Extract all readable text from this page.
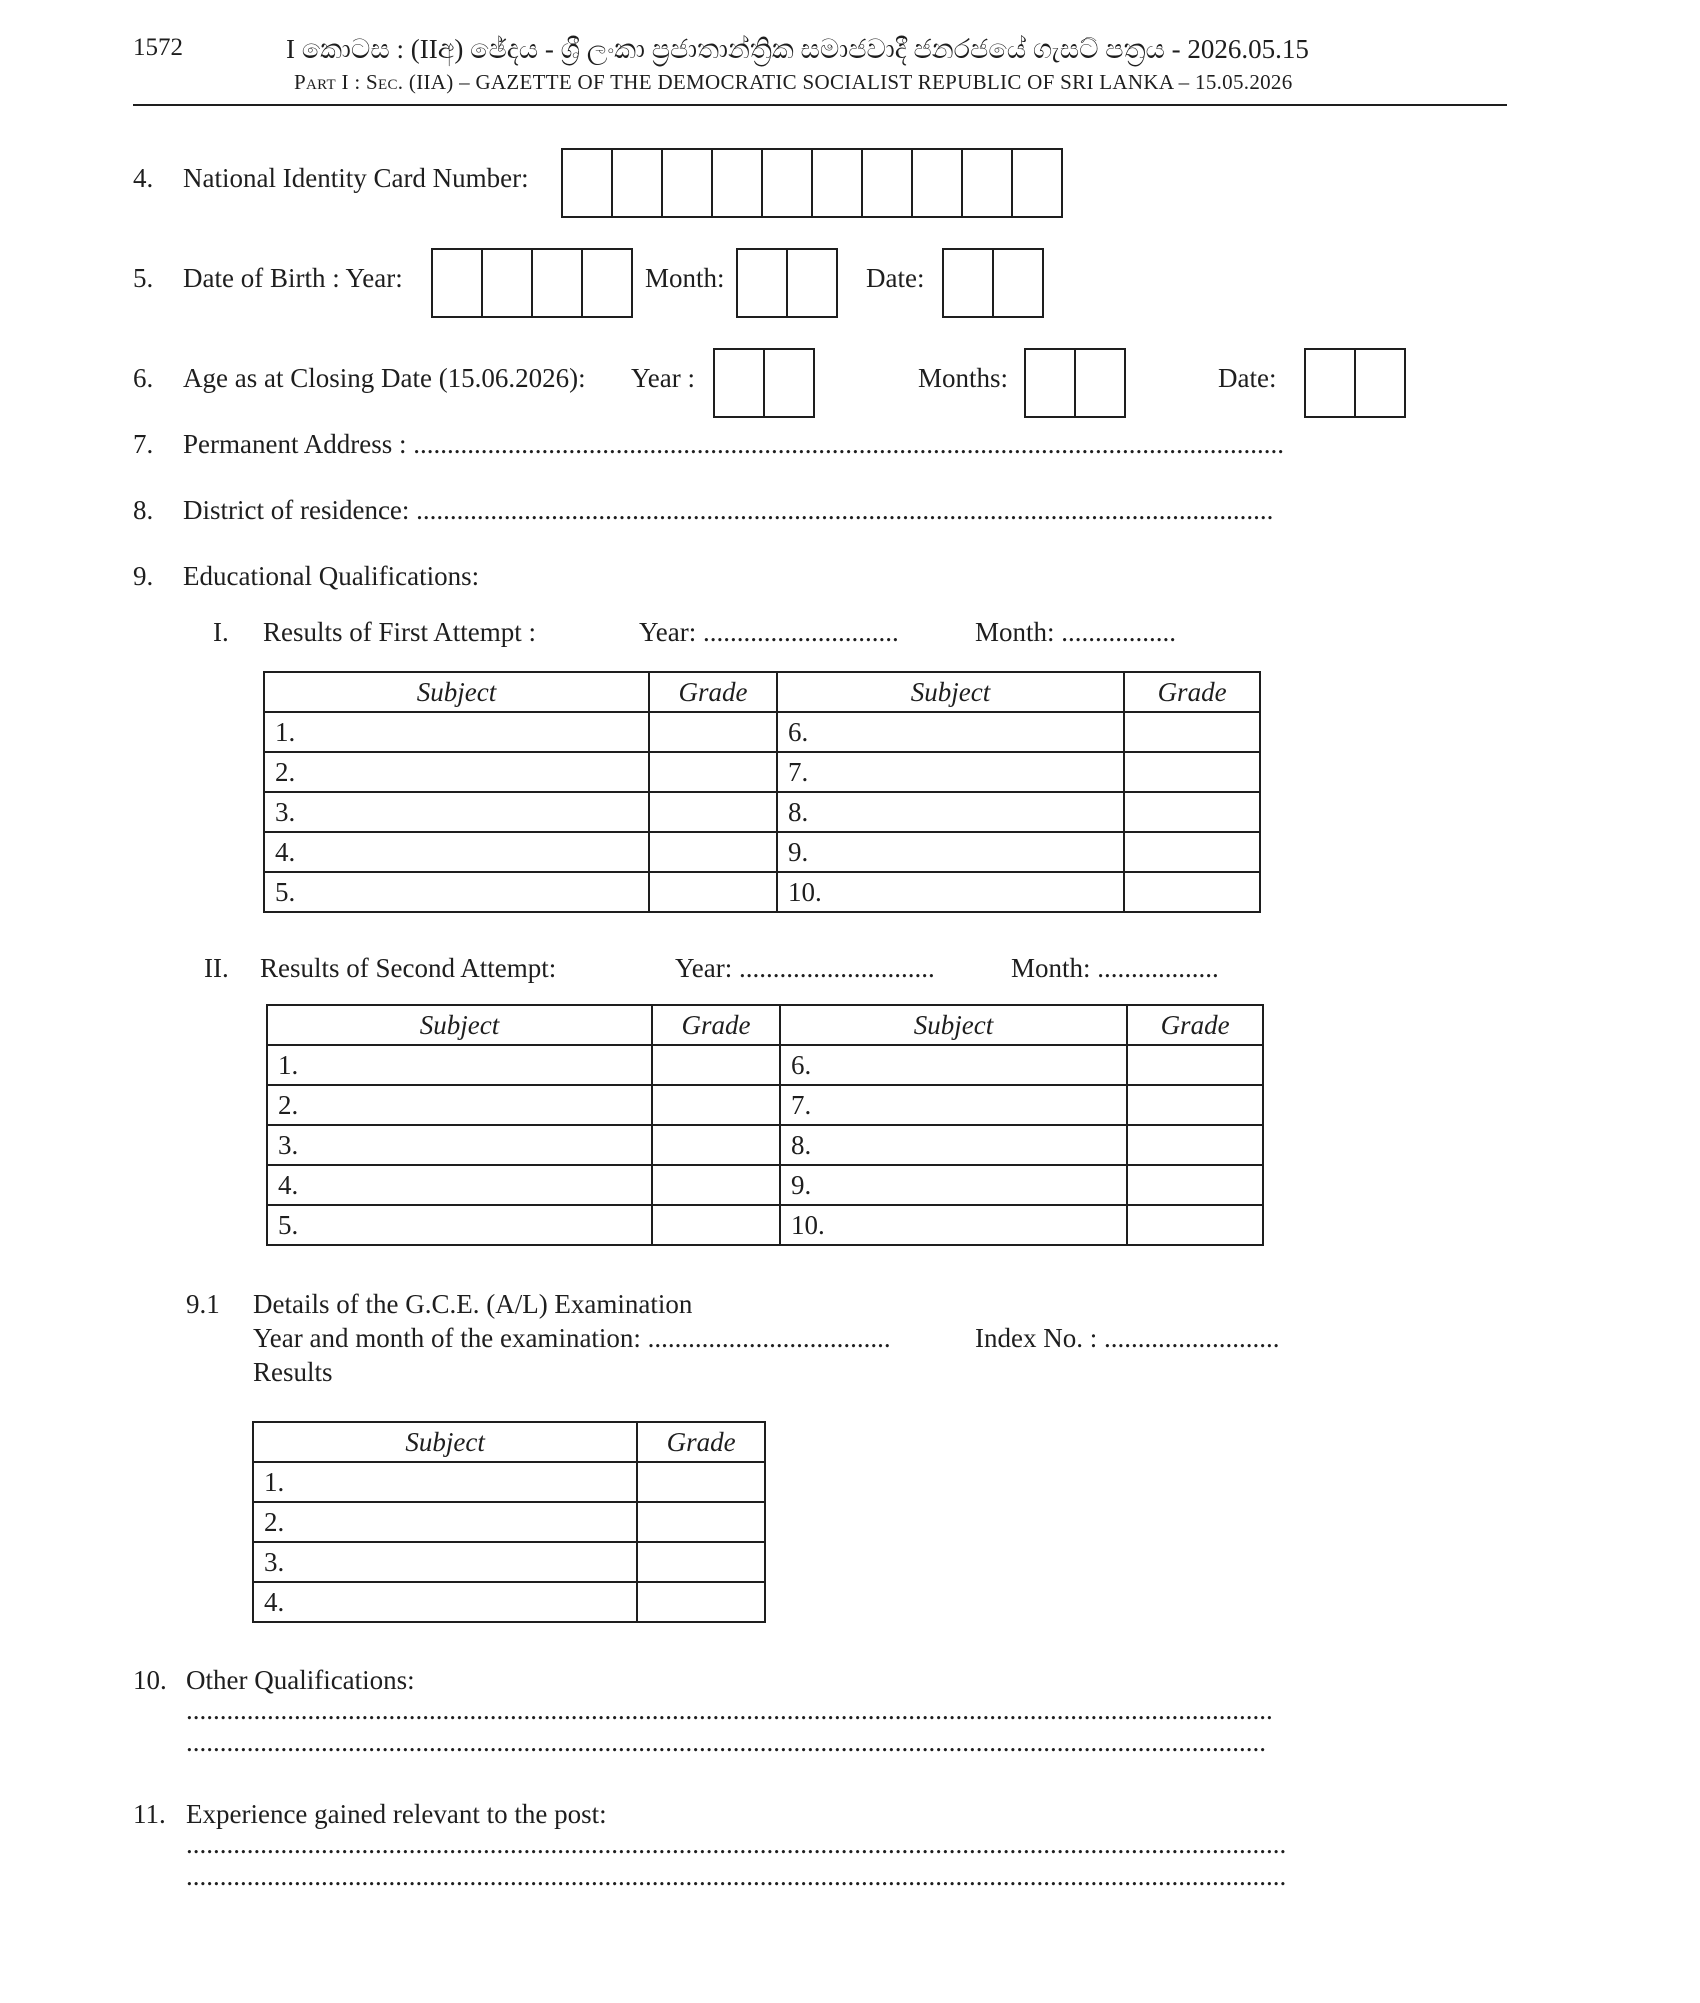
1572	I කොටස : (IIඅ) ඡේදය - ශ්‍රී ලංකා ප්‍රජාතාන්ත්‍රික සමාජවාදී ජනරජයේ ගැසට් පත්‍රය - 2026.05.15
Part I : Sec. (IIA) – GAZETTE OF THE DEMOCRATIC SOCIALIST REPUBLIC OF SRI LANKA – 15.05.2026
4. National Identity Card Number:
5. Date of Birth : Year:	Month:	Date:
6. Age as at Closing Date (15.06.2026): Year :	Months:	Date:
7. Permanent Address : .................................................................................................................................
8. District of residence: ...............................................................................................................................
9. Educational Qualifications:
I. Results of First Attempt :	Year: .............................	Month: .................
Subject	Grade	Subject	Grade
1.		6.	
2.		7.	
3.		8.	
4.		9.	
5.		10.	
II. Results of Second Attempt:	Year: .............................	Month: ..................
Subject	Grade	Subject	Grade
1.		6.	
2.		7.	
3.		8.	
4.		9.	
5.		10.	
9.1 Details of the G.C.E. (A/L) Examination
Year and month of the examination: ....................................	Index No. : ..........................
Results
Subject	Grade
1.	
2.	
3.	
4.	
10. Other Qualifications:
.................................................................................................................................................................
................................................................................................................................................................
11. Experience gained relevant to the post:
...................................................................................................................................................................
...................................................................................................................................................................
